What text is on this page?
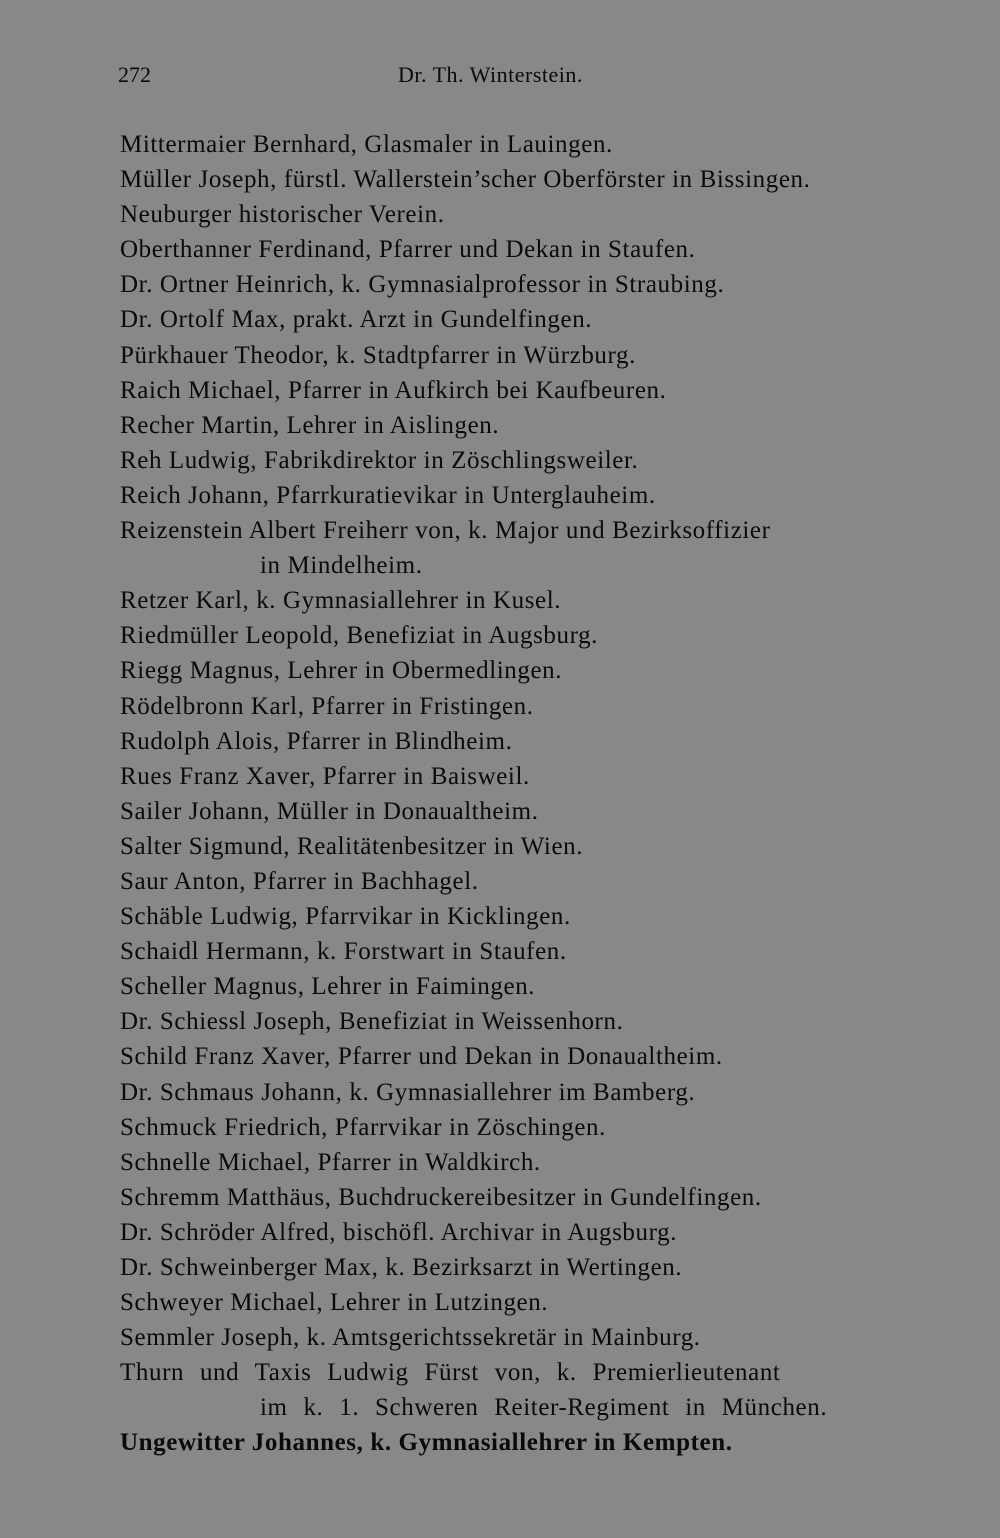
272	Dr. Th. Winterstein.
Mittermaier Bernhard, Glasmaler in Lauingen.
Müller Joseph, fürstl. Wallerstein’scher Oberförster in Bissingen.
Neuburger historischer Verein.
Oberthanner Ferdinand, Pfarrer und Dekan in Staufen.
Dr. Ortner Heinrich, k. Gymnasialprofessor in Straubing.
Dr. Ortolf Max, prakt. Arzt in Gundelfingen.
Pürkhauer Theodor, k. Stadtpfarrer in Würzburg.
Raich Michael, Pfarrer in Aufkirch bei Kaufbeuren.
Recher Martin, Lehrer in Aislingen.
Reh Ludwig, Fabrikdirektor in Zöschlingsweiler.
Reich Johann, Pfarrkuratievikar in Unterglauheim.
Reizenstein Albert Freiherr von, k. Major und Bezirksoffizier
in Mindelheim.
Retzer Karl, k. Gymnasiallehrer in Kusel.
Riedmüller Leopold, Benefiziat in Augsburg.
Riegg Magnus, Lehrer in Obermedlingen.
Rödelbronn Karl, Pfarrer in Fristingen.
Rudolph Alois, Pfarrer in Blindheim.
Rues Franz Xaver, Pfarrer in Baisweil.
Sailer Johann, Müller in Donaualtheim.
Salter Sigmund, Realitätenbesitzer in Wien.
Saur Anton, Pfarrer in Bachhagel.
Schäble Ludwig, Pfarrvikar in Kicklingen.
Schaidl Hermann, k. Forstwart in Staufen.
Scheller Magnus, Lehrer in Faimingen.
Dr. Schiessl Joseph, Benefiziat in Weissenhorn.
Schild Franz Xaver, Pfarrer und Dekan in Donaualtheim.
Dr. Schmaus Johann, k. Gymnasiallehrer im Bamberg.
Schmuck Friedrich, Pfarrvikar in Zöschingen.
Schnelle Michael, Pfarrer in Waldkirch.
Schremm Matthäus, Buchdruckereibesitzer in Gundelfingen.
Dr. Schröder Alfred, bischöfl. Archivar in Augsburg.
Dr. Schweinberger Max, k. Bezirksarzt in Wertingen.
Schweyer Michael, Lehrer in Lutzingen.
Semmler Joseph, k. Amtsgerichtssekretär in Mainburg.
Thurn und Taxis Ludwig Fürst von, k. Premierlieutenant
im k. 1. Schweren Reiter-Regiment in München.
Ungewitter Johannes, k. Gymnasiallehrer in Kempten.
